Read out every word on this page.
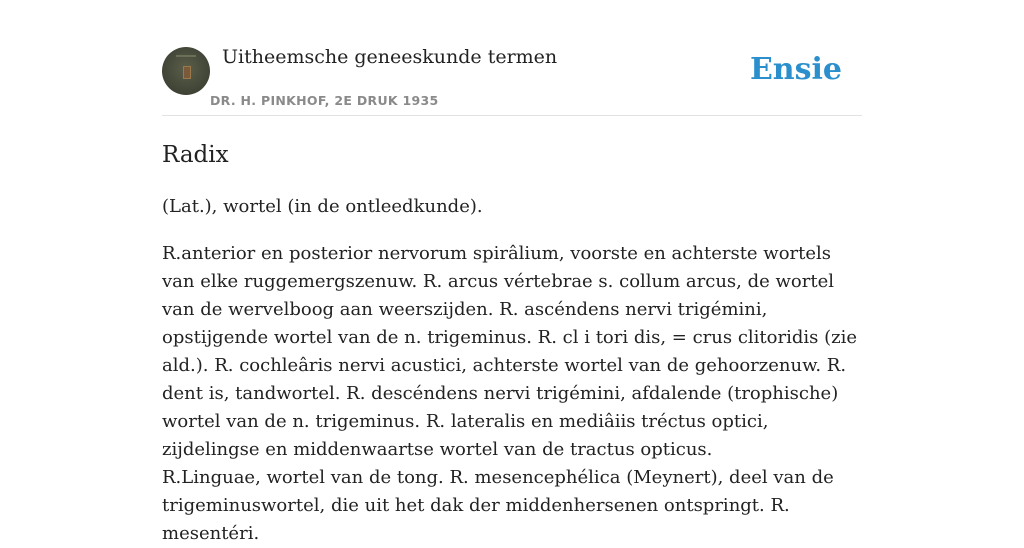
Uitheemsche geneeskunde termen
DR. H. PINKHOF, 2E DRUK 1935
Ensie
Radix

(Lat.), wortel (in de ontleedkunde).

R.anterior en posterior nervorum spirâlium, voorste en achterste wortels van elke ruggemergszenuw. R. arcus vértebrae s. collum arcus, de wortel van de wervelboog aan weerszijden. R. ascéndens nervi trigémini, opstijgende wortel van de n. trigeminus. R. cl i tori dis, = crus clitoridis (zie ald.). R. cochleâris nervi acustici, achterste wortel van de gehoorzenuw. R. dent is, tandwortel. R. descéndens nervi trigémini, afdalende (trophische) wortel van de n. trigeminus. R. lateralis en mediâiis tréctus optici, zijdelingse en middenwaartse wortel van de tractus opticus.

R.Linguae, wortel van de tong. R. mesencephélica (Meynert), deel van de trigeminuswortel, die uit het dak der middenhersenen ontspringt. R. mesentéri.
